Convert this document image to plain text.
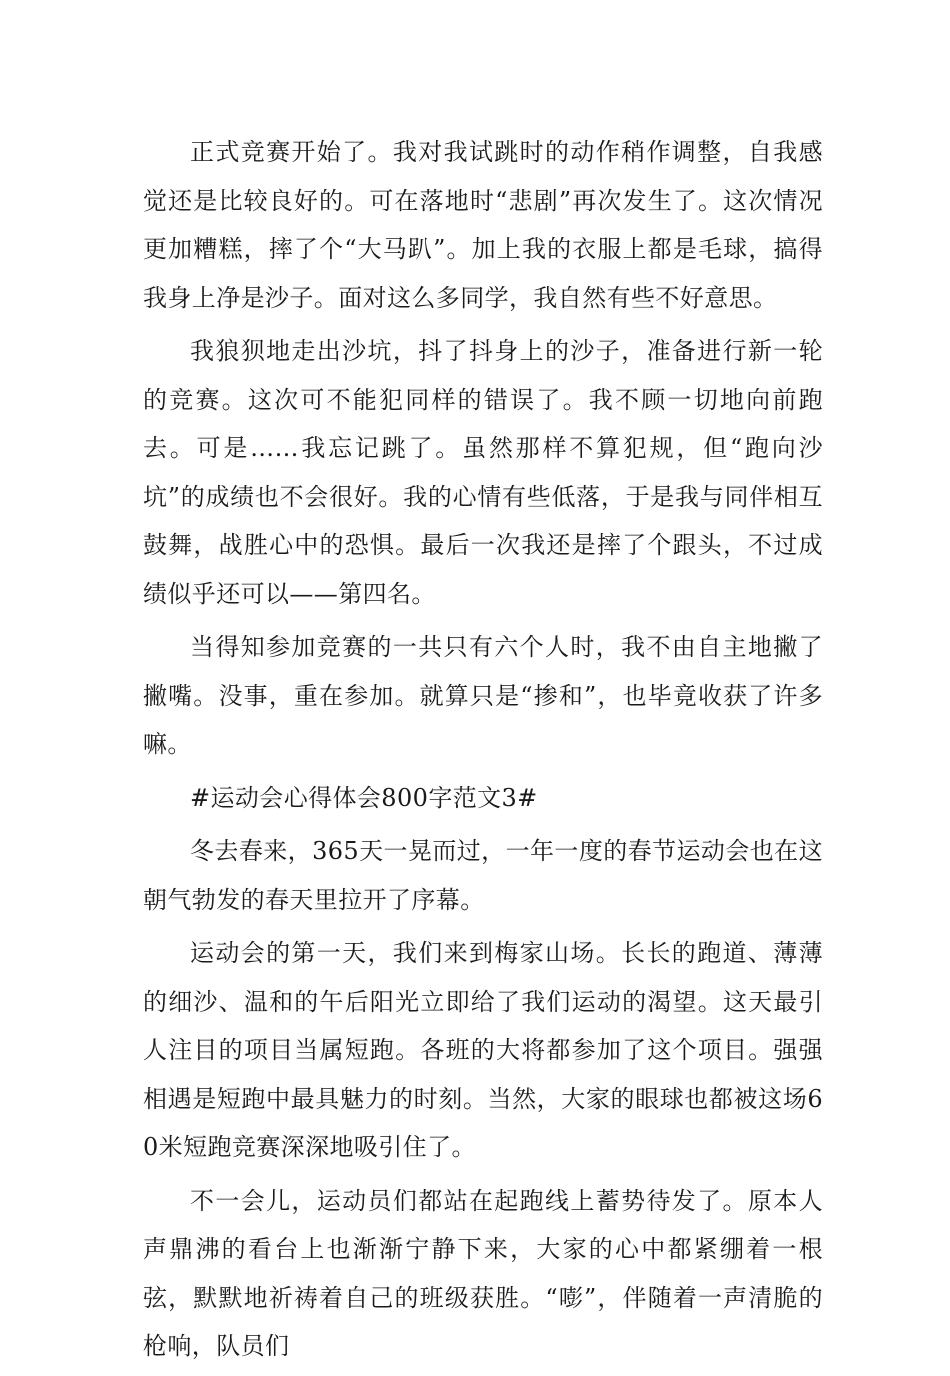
正式竞赛开始了。我对我试跳时的动作稍作调整，自我感觉还是比较良好的。可在落地时“悲剧”再次发生了。这次情况更加糟糕，摔了个“大马趴”。加上我的衣服上都是毛球，搞得我身上净是沙子。面对这么多同学，我自然有些不好意思。

我狼狈地走出沙坑，抖了抖身上的沙子，准备进行新一轮的竞赛。这次可不能犯同样的错误了。我不顾一切地向前跑去。可是……我忘记跳了。虽然那样不算犯规，但“跑向沙坑”的成绩也不会很好。我的心情有些低落，于是我与同伴相互鼓舞，战胜心中的恐惧。最后一次我还是摔了个跟头，不过成绩似乎还可以——第四名。

当得知参加竞赛的一共只有六个人时，我不由自主地撇了撇嘴。没事，重在参加。就算只是“掺和”，也毕竟收获了许多嘛。

#运动会心得体会800字范文3#

冬去春来，365天一晃而过，一年一度的春节运动会也在这朝气勃发的春天里拉开了序幕。

运动会的第一天，我们来到梅家山场。长长的跑道、薄薄的细沙、温和的午后阳光立即给了我们运动的渴望。这天最引人注目的项目当属短跑。各班的大将都参加了这个项目。强强相遇是短跑中最具魅力的时刻。当然，大家的眼球也都被这场60米短跑竞赛深深地吸引住了。

不一会儿，运动员们都站在起跑线上蓄势待发了。原本人声鼎沸的看台上也渐渐宁静下来，大家的心中都紧绷着一根弦，默默地祈祷着自己的班级获胜。“嘭”，伴随着一声清脆的枪响，队员们
